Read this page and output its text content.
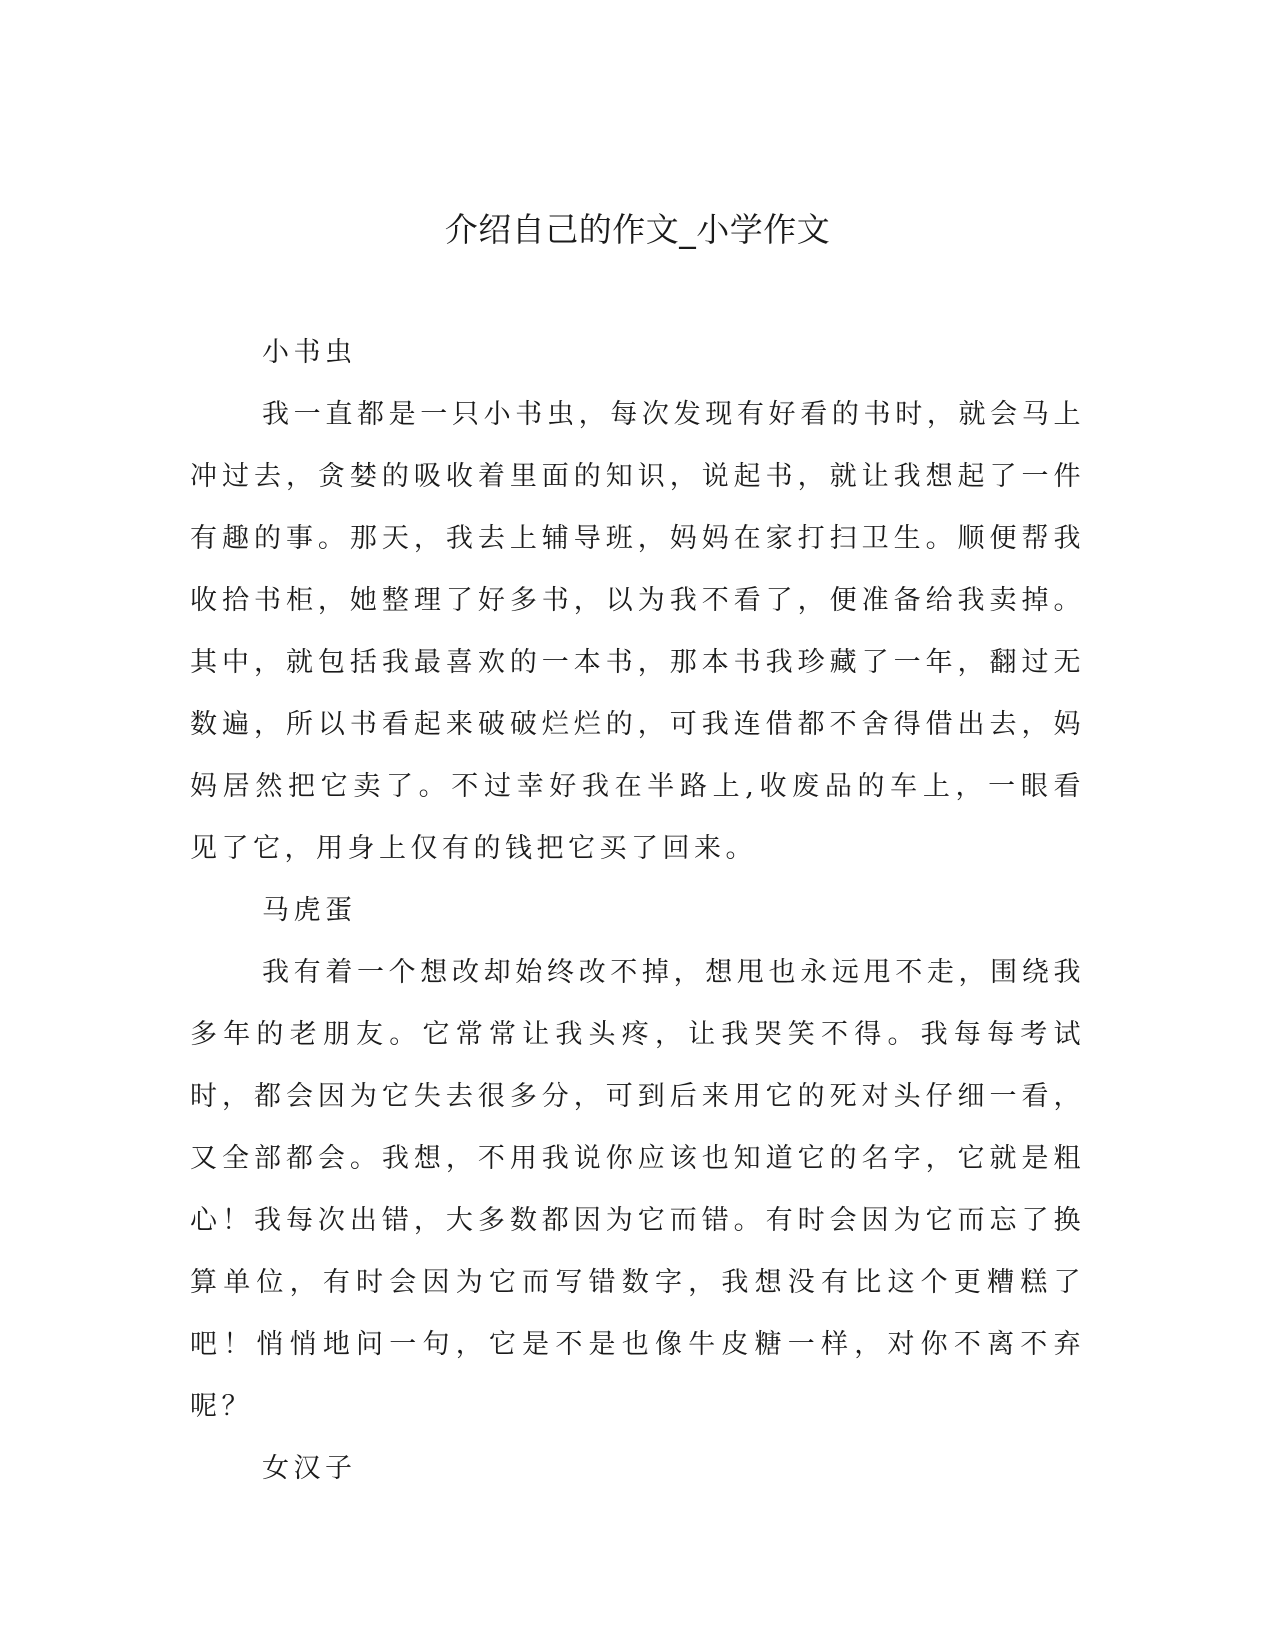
介绍自己的作文_小学作文

小书虫

我一直都是一只小书虫，每次发现有好看的书时，就会马上冲过去，贪婪的吸收着里面的知识，说起书，就让我想起了一件有趣的事。那天，我去上辅导班，妈妈在家打扫卫生。顺便帮我收拾书柜，她整理了好多书，以为我不看了，便准备给我卖掉。其中，就包括我最喜欢的一本书，那本书我珍藏了一年，翻过无数遍，所以书看起来破破烂烂的，可我连借都不舍得借出去，妈妈居然把它卖了。不过幸好我在半路上,收废品的车上，一眼看见了它，用身上仅有的钱把它买了回来。

马虎蛋

我有着一个想改却始终改不掉，想甩也永远甩不走，围绕我多年的老朋友。它常常让我头疼，让我哭笑不得。我每每考试时，都会因为它失去很多分，可到后来用它的死对头仔细一看，又全部都会。我想，不用我说你应该也知道它的名字，它就是粗心！我每次出错，大多数都因为它而错。有时会因为它而忘了换算单位，有时会因为它而写错数字，我想没有比这个更糟糕了吧！悄悄地问一句，它是不是也像牛皮糖一样，对你不离不弃呢？

女汉子
